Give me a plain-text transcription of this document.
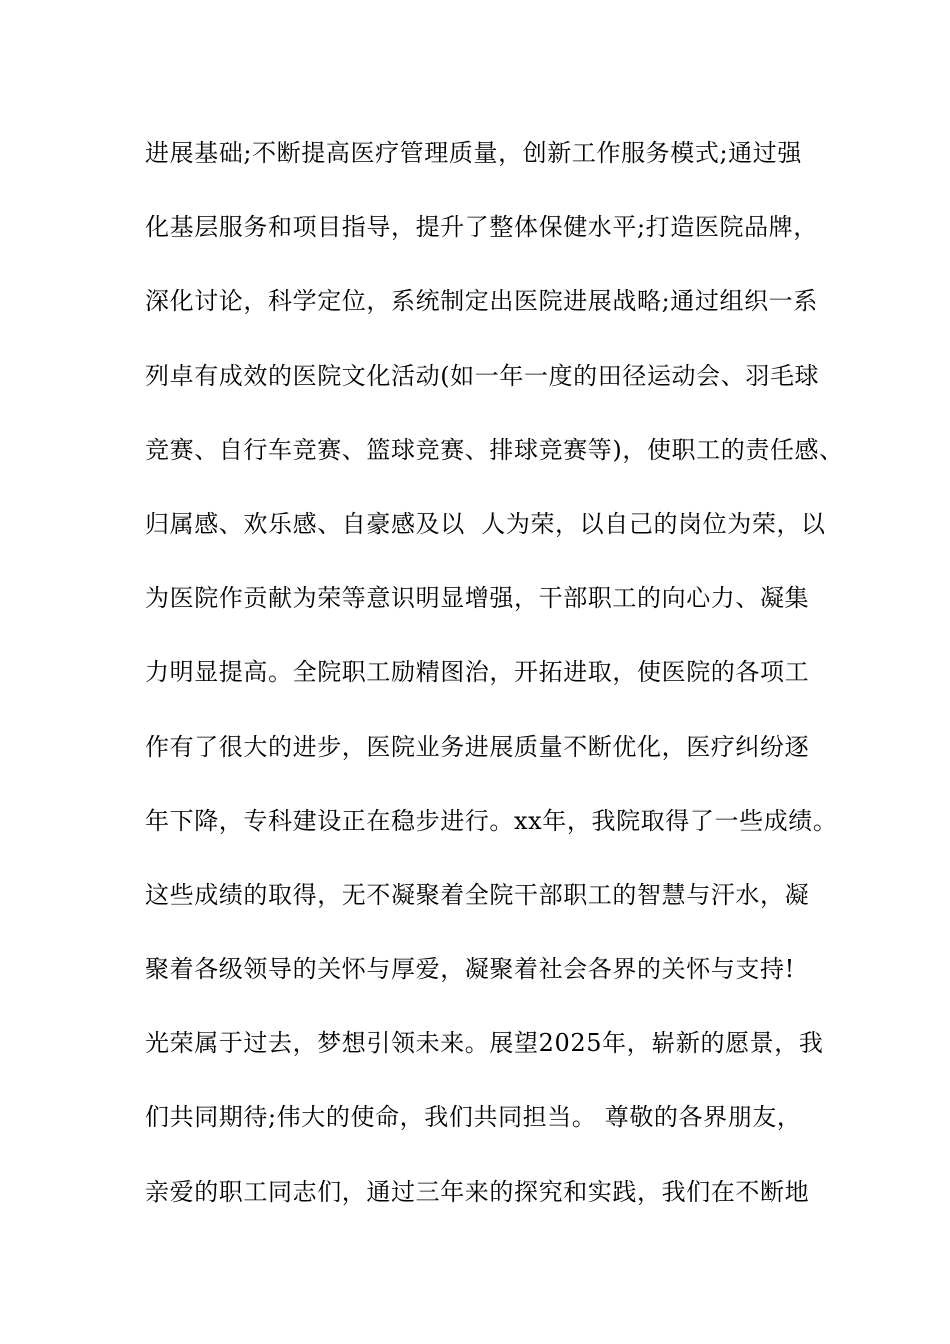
进展基础;不断提高医疗管理质量，创新工作服务模式;通过强
化基层服务和项目指导，提升了整体保健水平;打造医院品牌，
深化讨论，科学定位，系统制定出医院进展战略;通过组织一系
列卓有成效的医院文化活动(如一年一度的田径运动会、羽毛球
竞赛、自行车竞赛、篮球竞赛、排球竞赛等)，使职工的责任感、
归属感、欢乐感、自豪感及以  人为荣，以自己的岗位为荣，以
为医院作贡献为荣等意识明显增强，干部职工的向心力、凝集
力明显提高。全院职工励精图治，开拓进取，使医院的各项工
作有了很大的进步，医院业务进展质量不断优化，医疗纠纷逐
年下降，专科建设正在稳步进行。xx年，我院取得了一些成绩。
这些成绩的取得，无不凝聚着全院干部职工的智慧与汗水，凝
聚着各级领导的关怀与厚爱，凝聚着社会各界的关怀与支持!
光荣属于过去，梦想引领未来。展望2025年，崭新的愿景，我
们共同期待;伟大的使命，我们共同担当。 尊敬的各界朋友，
亲爱的职工同志们，通过三年来的探究和实践，我们在不断地
